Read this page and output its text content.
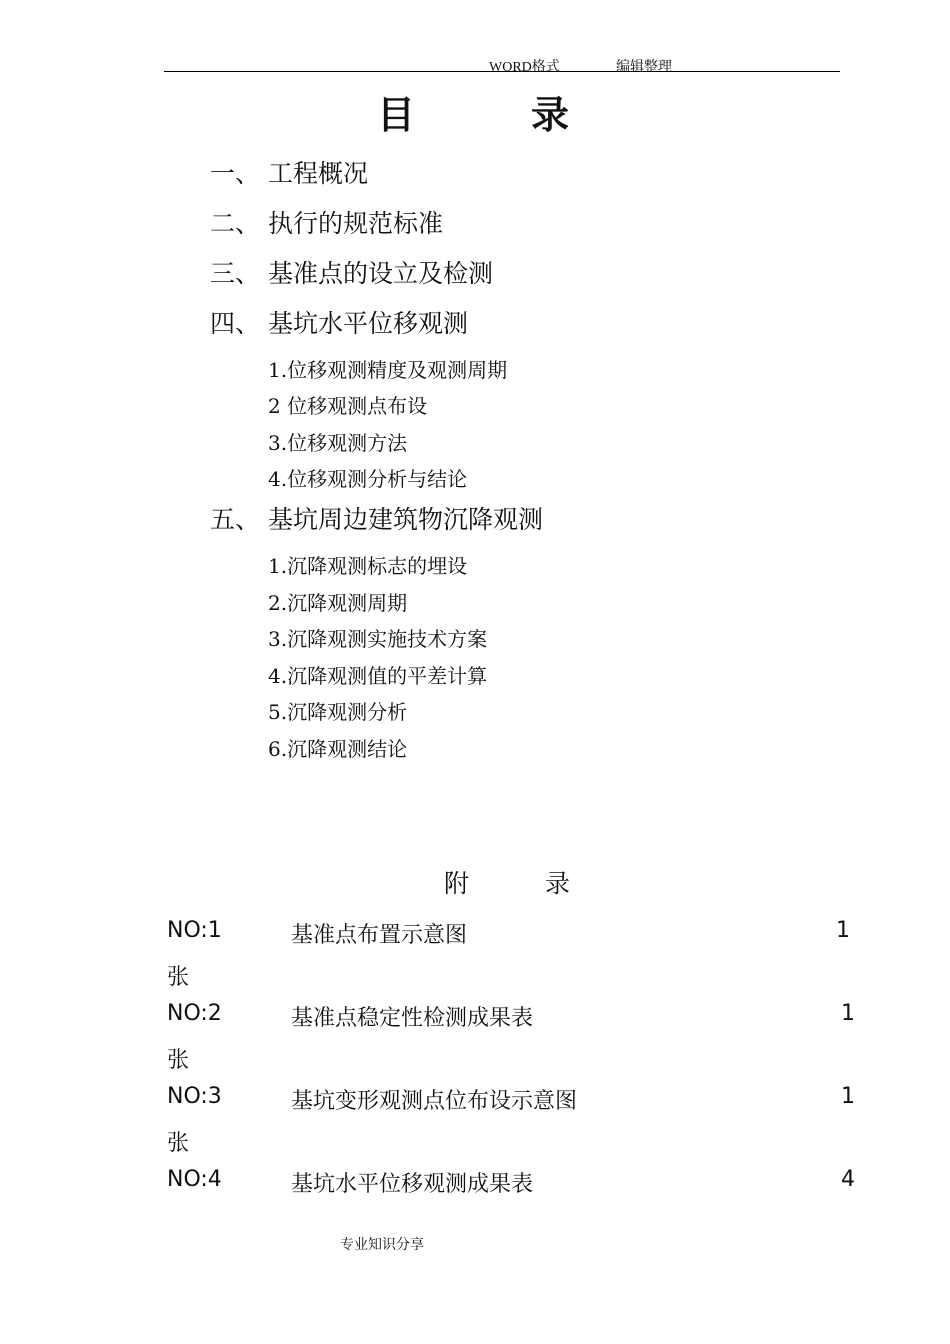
WORD格式	编辑整理
目	录
一、 工程概况
二、 执行的规范标准
三、 基准点的设立及检测
四、 基坑水平位移观测
1.位移观测精度及观测周期
2 位移观测点布设
3.位移观测方法
4.位移观测分析与结论
五、 基坑周边建筑物沉降观测
1.沉降观测标志的埋设
2.沉降观测周期
3.沉降观测实施技术方案
4.沉降观测值的平差计算
5.沉降观测分析
6.沉降观测结论
附	录
NO:1	基准点布置示意图	1
张
NO:2	基准点稳定性检测成果表	1
张
NO:3	基坑变形观测点位布设示意图	1
张
NO:4	基坑水平位移观测成果表	4
专业知识分享
